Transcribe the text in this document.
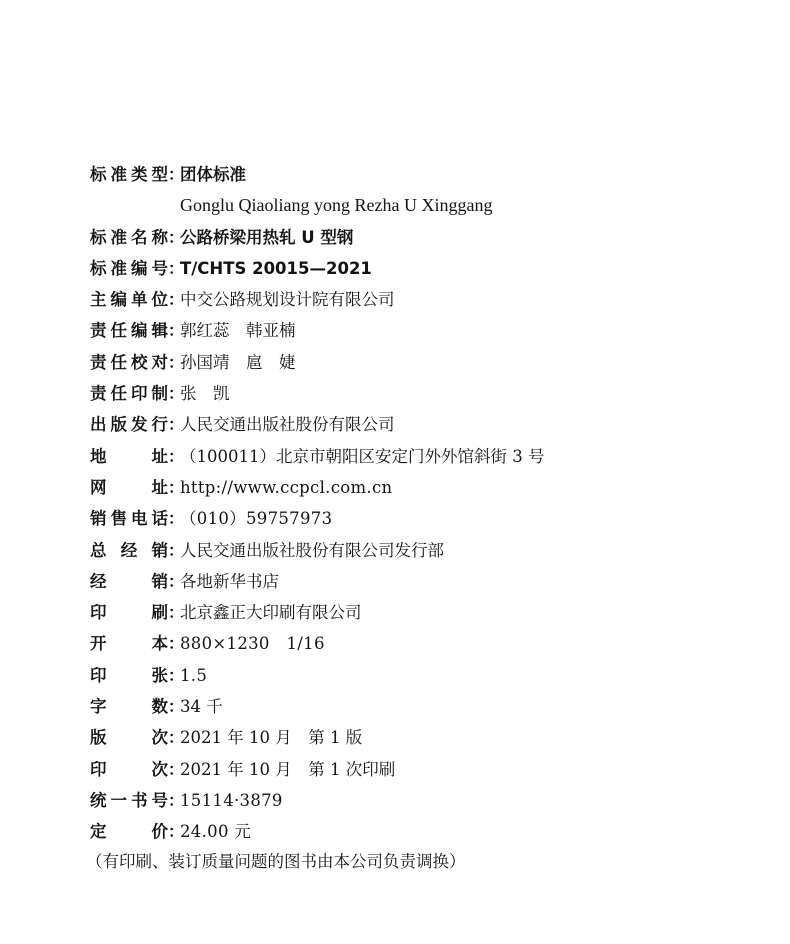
标准类型 ：
团体标准
Gonglu Qiaoliang yong Rezha U Xinggang
标准名称 ：
公路桥梁用热轧 U 型钢
标准编号 ：
T/CHTS 20015—2021
主编单位 ：
中交公路规划设计院有限公司
责任编辑 ：
郭红蕊　韩亚楠
责任校对 ：
孙国靖　扈　婕
责任印制 ：
张　凯
出版发行 ：
人民交通出版社股份有限公司
地　　址 ：
（100011）北京市朝阳区安定门外外馆斜街 3 号
网　　址 ：
http://www.ccpcl.com.cn
销售电话 ：
（010）59757973
总 经 销 ：
人民交通出版社股份有限公司发行部
经　　销 ：
各地新华书店
印　　刷 ：
北京鑫正大印刷有限公司
开　　本 ：
880×1230　1/16
印　　张 ：
1.5
字　　数 ：
34 千
版　　次 ：
2021 年 10 月　第 1 版
印　　次 ：
2021 年 10 月　第 1 次印刷
统一书号 ：
15114·3879
定　　价 ：
24.00 元
（有印刷、装订质量问题的图书由本公司负责调换）
